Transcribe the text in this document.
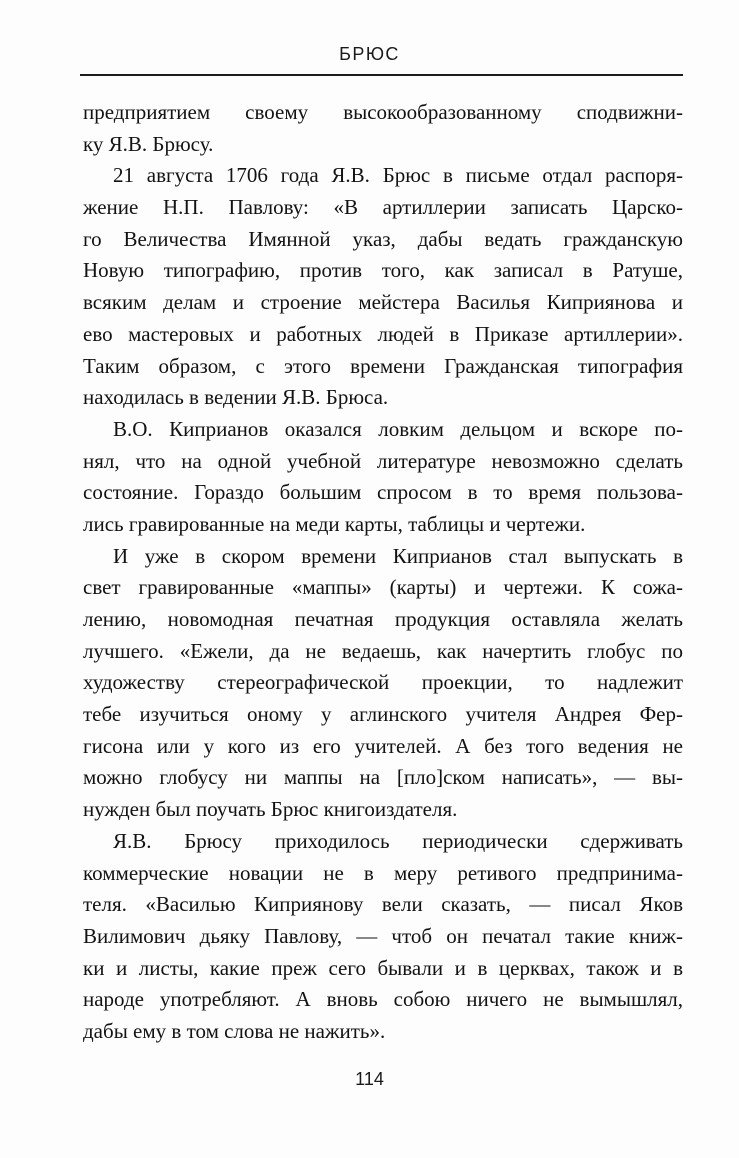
БРЮС
предприятием своему высокообразованному сподвижни-
ку Я.В. Брюсу.
21 августа 1706 года Я.В. Брюс в письме отдал распоря-
жение Н.П. Павлову: «В артиллерии записать Царско-
го Величества Имянной указ, дабы ведать гражданскую
Новую типографию, против того, как записал в Ратуше,
всяким делам и строение мейстера Василья Киприянова и
ево мастеровых и работных людей в Приказе артиллерии».
Таким образом, с этого времени Гражданская типография
находилась в ведении Я.В. Брюса.
В.О. Киприанов оказался ловким дельцом и вскоре по-
нял, что на одной учебной литературе невозможно сделать
состояние. Гораздо большим спросом в то время пользова-
лись гравированные на меди карты, таблицы и чертежи.
И уже в скором времени Киприанов стал выпускать в
свет гравированные «маппы» (карты) и чертежи. К сожа-
лению, новомодная печатная продукция оставляла желать
лучшего. «Ежели, да не ведаешь, как начертить глобус по
художеству стереографической проекции, то надлежит
тебе изучиться оному у аглинского учителя Андрея Фер-
гисона или у кого из его учителей. А без того ведения не
можно глобусу ни маппы на [пло]ском написать», — вы-
нужден был поучать Брюс книгоиздателя.
Я.В. Брюсу приходилось периодически сдерживать
коммерческие новации не в меру ретивого предпринима-
теля. «Василью Киприянову вели сказать, — писал Яков
Вилимович дьяку Павлову, — чтоб он печатал такие книж-
ки и листы, какие преж сего бывали и в церквах, також и в
народе употребляют. А вновь собою ничего не вымышлял,
дабы ему в том слова не нажить».
114
